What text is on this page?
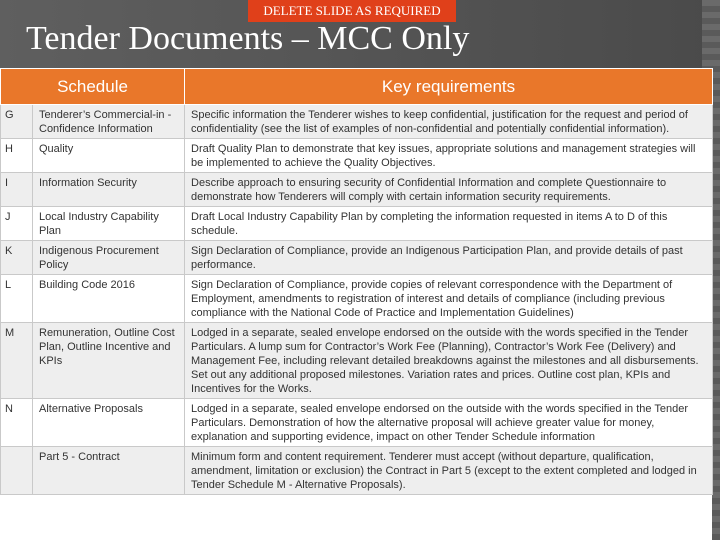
DELETE SLIDE AS REQUIRED
Tender Documents – MCC Only
Schedule		Key requirements
G	Tenderer’s Commercial-in -Confidence Information	Specific information the Tenderer wishes to keep confidential, justification for the request and period of confidentiality (see the list of examples of non-confidential and potentially confidential information).
H	Quality	Draft Quality Plan to demonstrate that key issues, appropriate solutions and management strategies will be implemented to achieve the Quality Objectives.
I	Information Security	Describe approach to ensuring security of Confidential Information and complete Questionnaire to demonstrate how Tenderers will comply with certain information security requirements.
J	Local Industry Capability Plan	Draft Local Industry Capability Plan by completing the information requested in items A to D of this schedule.
K	Indigenous Procurement Policy	Sign Declaration of Compliance, provide an Indigenous Participation Plan, and provide details of past performance.
L	Building Code 2016	Sign Declaration of Compliance, provide copies of relevant correspondence with the Department of Employment, amendments to registration of interest and details of compliance (including previous compliance with the National Code of Practice and Implementation Guidelines)
M	Remuneration, Outline Cost Plan, Outline Incentive and KPIs	Lodged in a separate, sealed envelope endorsed on the outside with the words specified in the Tender Particulars. A lump sum for Contractor’s Work Fee (Planning), Contractor’s Work Fee (Delivery) and Management Fee, including relevant detailed breakdowns against the milestones and all disbursements. Set out any additional proposed milestones. Variation rates and prices. Outline cost plan, KPIs and Incentives for the Works.
N	Alternative Proposals	Lodged in a separate, sealed envelope endorsed on the outside with the words specified in the Tender Particulars. Demonstration of how the alternative proposal will achieve greater value for money, explanation and supporting evidence, impact on other Tender Schedule information
	Part 5 - Contract	Minimum form and content requirement. Tenderer must accept (without departure, qualification, amendment, limitation or exclusion) the Contract in Part 5 (except to the extent completed and lodged in Tender Schedule M - Alternative Proposals).
